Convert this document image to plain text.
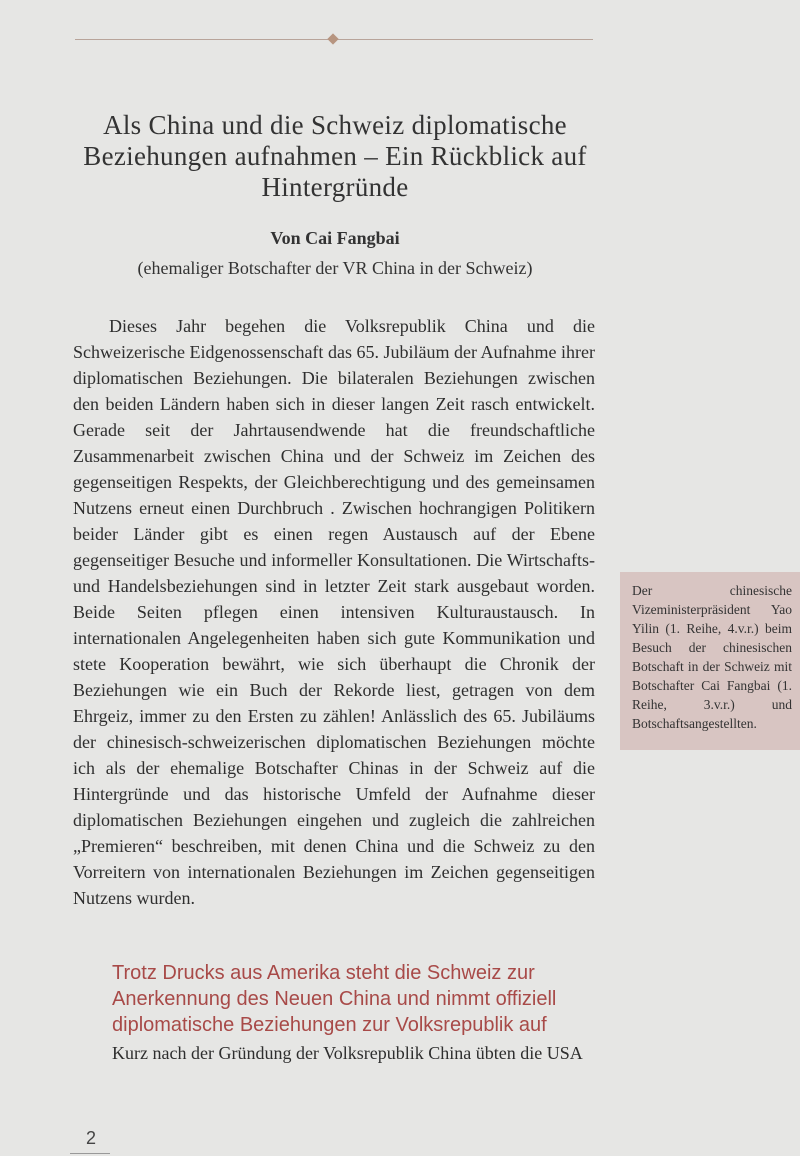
Als China und die Schweiz diplomatische Beziehungen aufnahmen – Ein Rückblick auf Hintergründe
Von Cai Fangbai
(ehemaliger Botschafter der VR China in der Schweiz)

Dieses Jahr begehen die Volksrepublik China und die Schweizerische Eidgenossenschaft das 65. Jubiläum der Aufnahme ihrer diplomatischen Beziehungen. Die bilateralen Beziehungen zwischen den beiden Ländern haben sich in dieser langen Zeit rasch entwickelt. Gerade seit der Jahrtausendwende hat die freundschaftliche Zusammenarbeit zwischen China und der Schweiz im Zeichen des gegenseitigen Respekts, der Gleichberechtigung und des gemeinsamen Nutzens erneut einen Durchbruch . Zwischen hochrangigen Politikern beider Länder gibt es einen regen Austausch auf der Ebene gegenseitiger Besuche und informeller Konsultationen. Die Wirtschafts- und Handelsbeziehungen sind in letzter Zeit stark ausgebaut worden. Beide Seiten pflegen einen intensiven Kulturaustausch. In internationalen Angelegenheiten haben sich gute Kommunikation und stete Kooperation bewährt, wie sich überhaupt die Chronik der Beziehungen wie ein Buch der Rekorde liest, getragen von dem Ehrgeiz, immer zu den Ersten zu zählen! Anlässlich des 65. Jubiläums der chinesisch-schweizerischen diplomatischen Beziehungen möchte ich als der ehemalige Botschafter Chinas in der Schweiz auf die Hintergründe und das historische Umfeld der Aufnahme dieser diplomatischen Beziehungen eingehen und zugleich die zahlreichen „Premieren“ beschreiben, mit denen China und die Schweiz zu den Vorreitern von internationalen Beziehungen im Zeichen gegenseitigen Nutzens wurden.

Der chinesische Vizeministerpräsident Yao Yilin (1. Reihe, 4.v.r.) beim Besuch der chinesischen Botschaft in der Schweiz mit Botschafter Cai Fangbai (1. Reihe, 3.v.r.) und Botschaftsangestellten.
Trotz Drucks aus Amerika steht die Schweiz zur Anerkennung des Neuen China und nimmt offiziell diplomatische Beziehungen zur Volksrepublik auf

Kurz nach der Gründung der Volksrepublik China übten die USA

2
